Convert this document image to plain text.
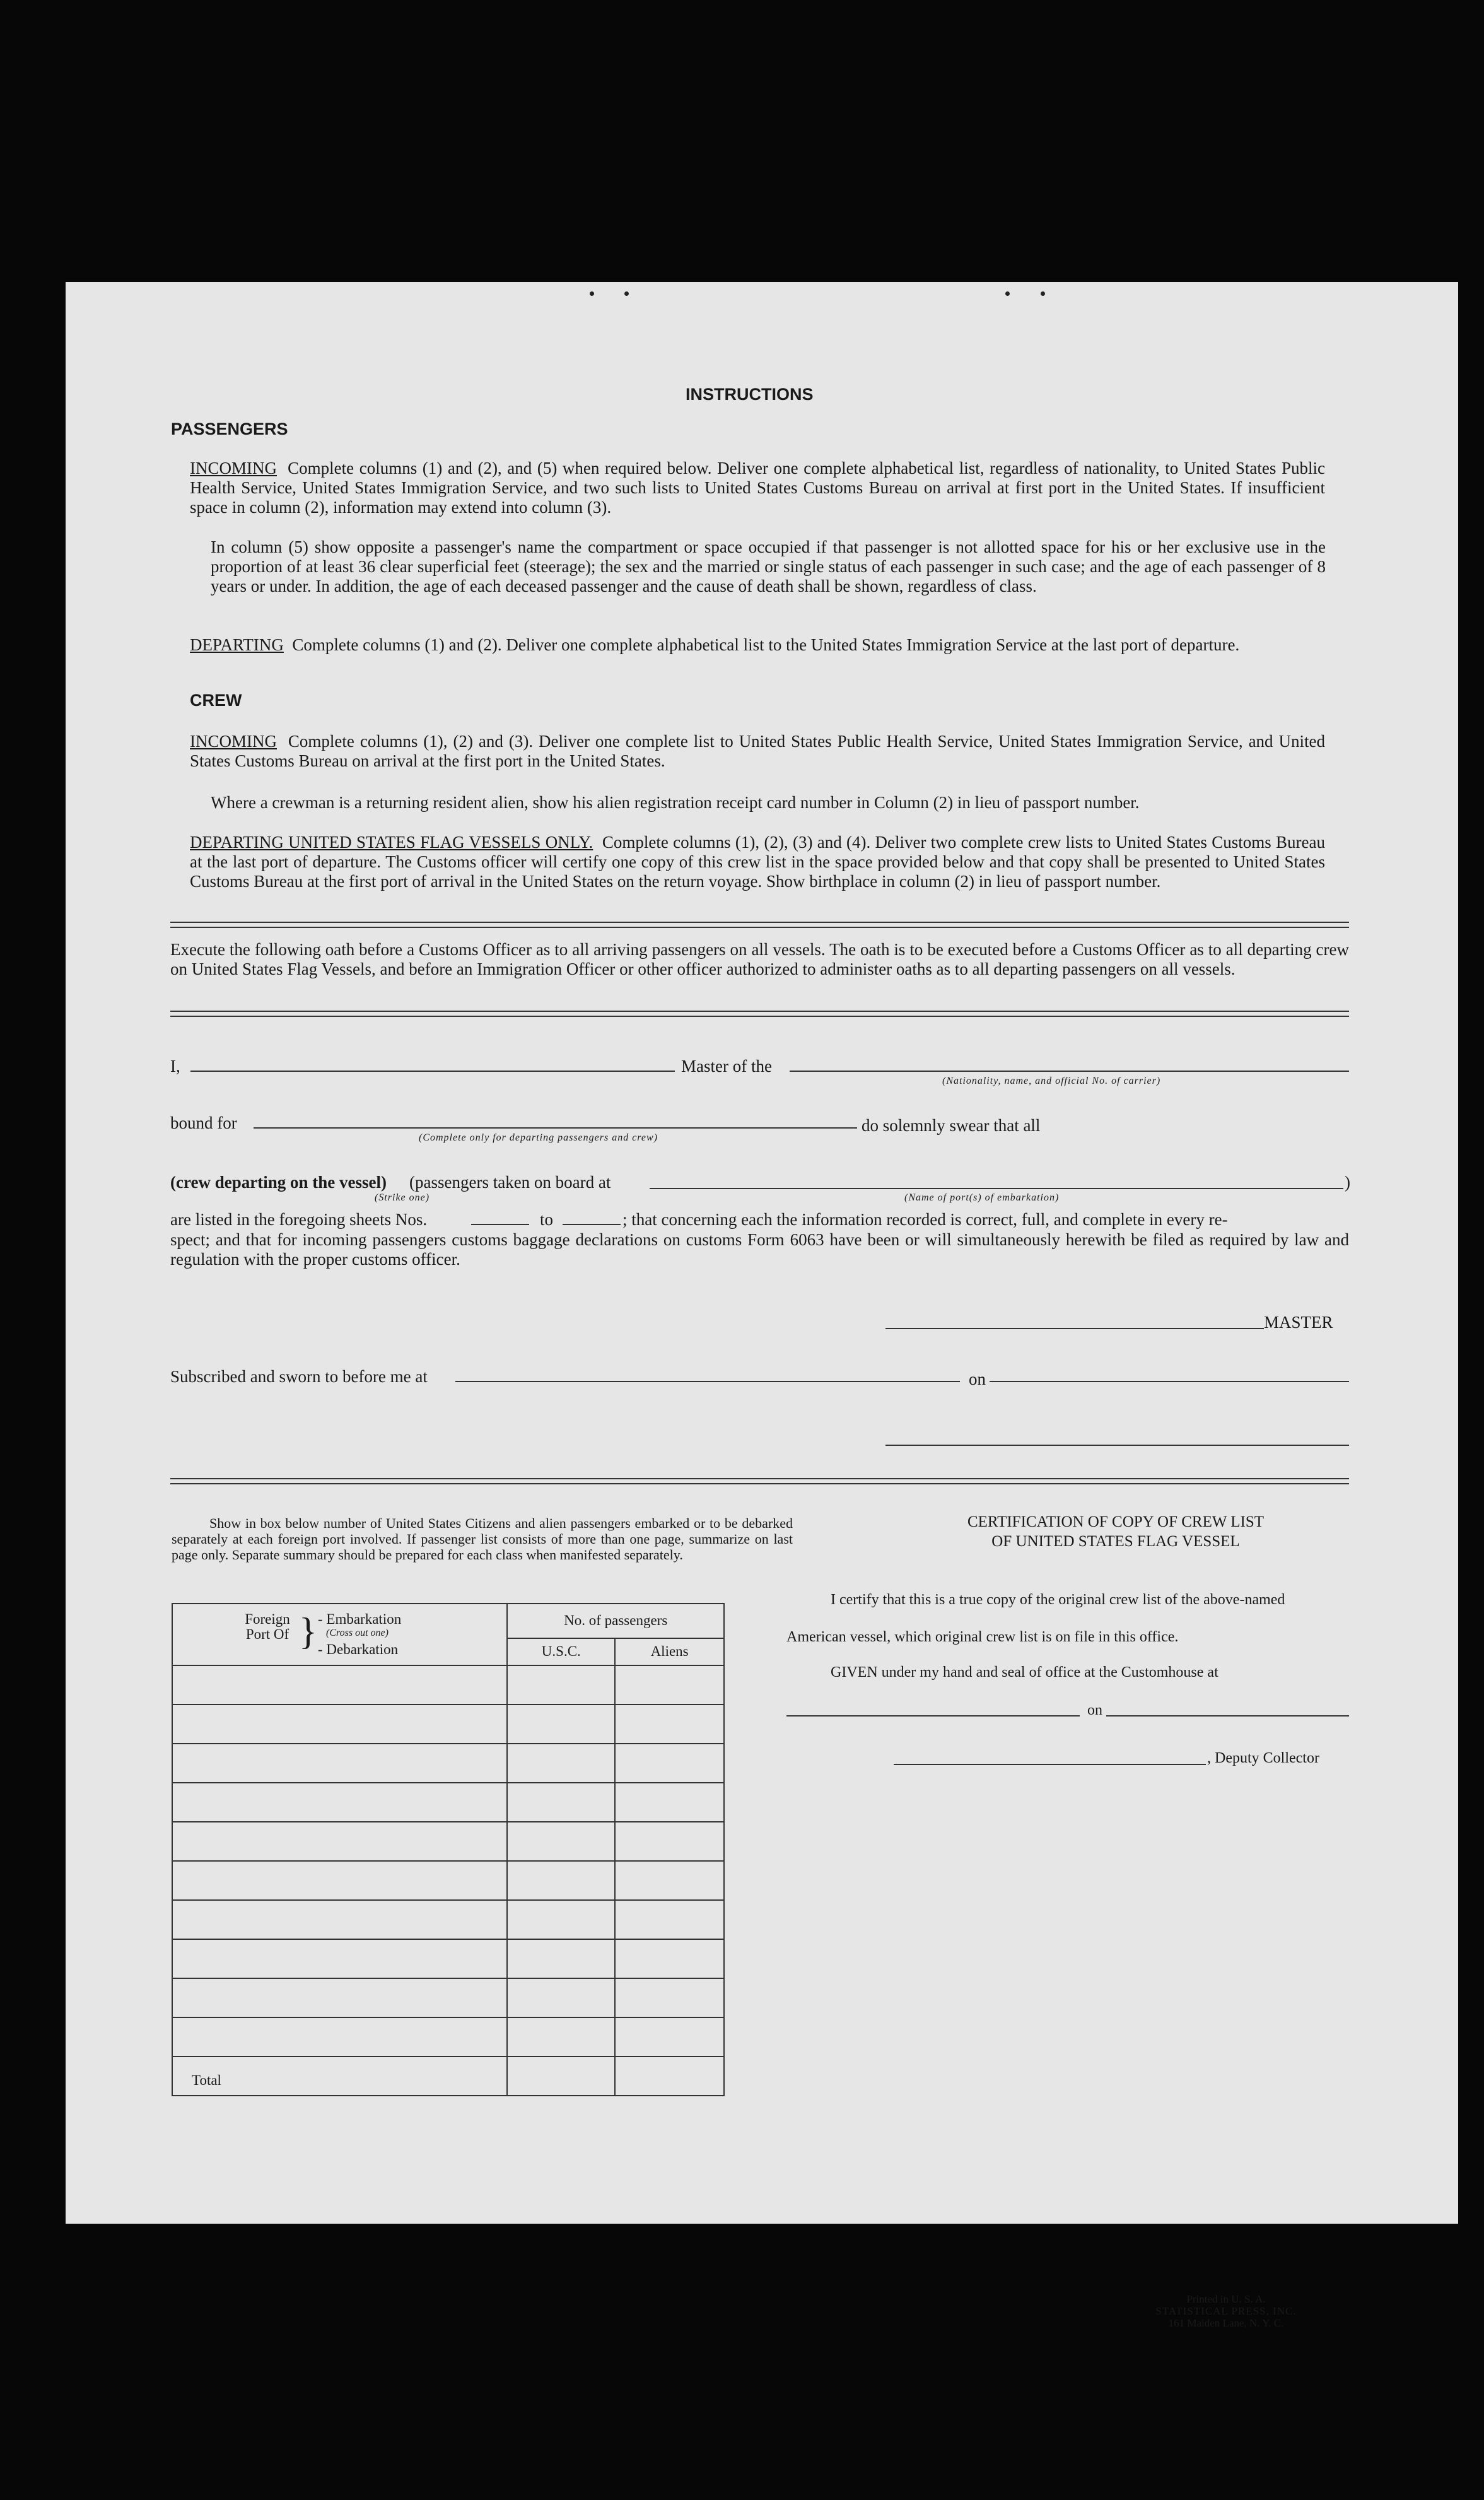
INSTRUCTIONS
PASSENGERS
INCOMING Complete columns (1) and (2), and (5) when required below. Deliver one complete alphabetical list, regardless of nationality, to United States Public Health Service, United States Immigration Service, and two such lists to United States Customs Bureau on arrival at first port in the United States. If insufficient space in column (2), information may extend into column (3).
In column (5) show opposite a passenger's name the compartment or space occupied if that passenger is not allotted space for his or her exclusive use in the proportion of at least 36 clear superficial feet (steerage); the sex and the married or single status of each passenger in such case; and the age of each passenger of 8 years or under. In addition, the age of each deceased passenger and the cause of death shall be shown, regardless of class.
DEPARTING Complete columns (1) and (2). Deliver one complete alphabetical list to the United States Immigration Service at the last port of departure.
CREW
INCOMING Complete columns (1), (2) and (3). Deliver one complete list to United States Public Health Service, United States Immigration Service, and United States Customs Bureau on arrival at the first port in the United States.
Where a crewman is a returning resident alien, show his alien registration receipt card number in Column (2) in lieu of passport number.
DEPARTING UNITED STATES FLAG VESSELS ONLY. Complete columns (1), (2), (3) and (4). Deliver two complete crew lists to United States Customs Bureau at the last port of departure. The Customs officer will certify one copy of this crew list in the space provided below and that copy shall be presented to United States Customs Bureau at the first port of arrival in the United States on the return voyage. Show birthplace in column (2) in lieu of passport number.
Execute the following oath before a Customs Officer as to all arriving passengers on all vessels. The oath is to be executed before a Customs Officer as to all departing crew on United States Flag Vessels, and before an Immigration Officer or other officer authorized to administer oaths as to all departing passengers on all vessels.
I,	Master of the
(Nationality, name, and official No. of carrier)
bound for
(Complete only for departing passengers and crew)
do solemnly swear that all
(crew departing on the vessel) (passengers taken on board at	)
(Strike one)	(Name of port(s) of embarkation)
are listed in the foregoing sheets Nos.	to	; that concerning each the information recorded is correct, full, and complete in every re-
spect; and that for incoming passengers customs baggage declarations on customs Form 6063 have been or will simultaneously herewith be filed as required by law and regulation with the proper customs officer.
MASTER
Subscribed and sworn to before me at	on
Show in box below number of United States Citizens and alien passengers embarked or to be debarked separately at each foreign port involved. If passenger list consists of more than one page, summarize on last page only. Separate summary should be prepared for each class when manifested separately.
CERTIFICATION OF COPY OF CREW LIST
OF UNITED STATES FLAG VESSEL
I certify that this is a true copy of the original crew list of the above-named
American vessel, which original crew list is on file in this office.
GIVEN under my hand and seal of office at the Customhouse at
on
, Deputy Collector
Printed in U. S. A.
STATISTICAL PRESS, INC.
161 Maiden Lane, N. Y. C.
Foreign Port Of } - Embarkation
(Cross out one)
- Debarkation	No. of passengers	
	U.S.C.	Aliens

Total		
